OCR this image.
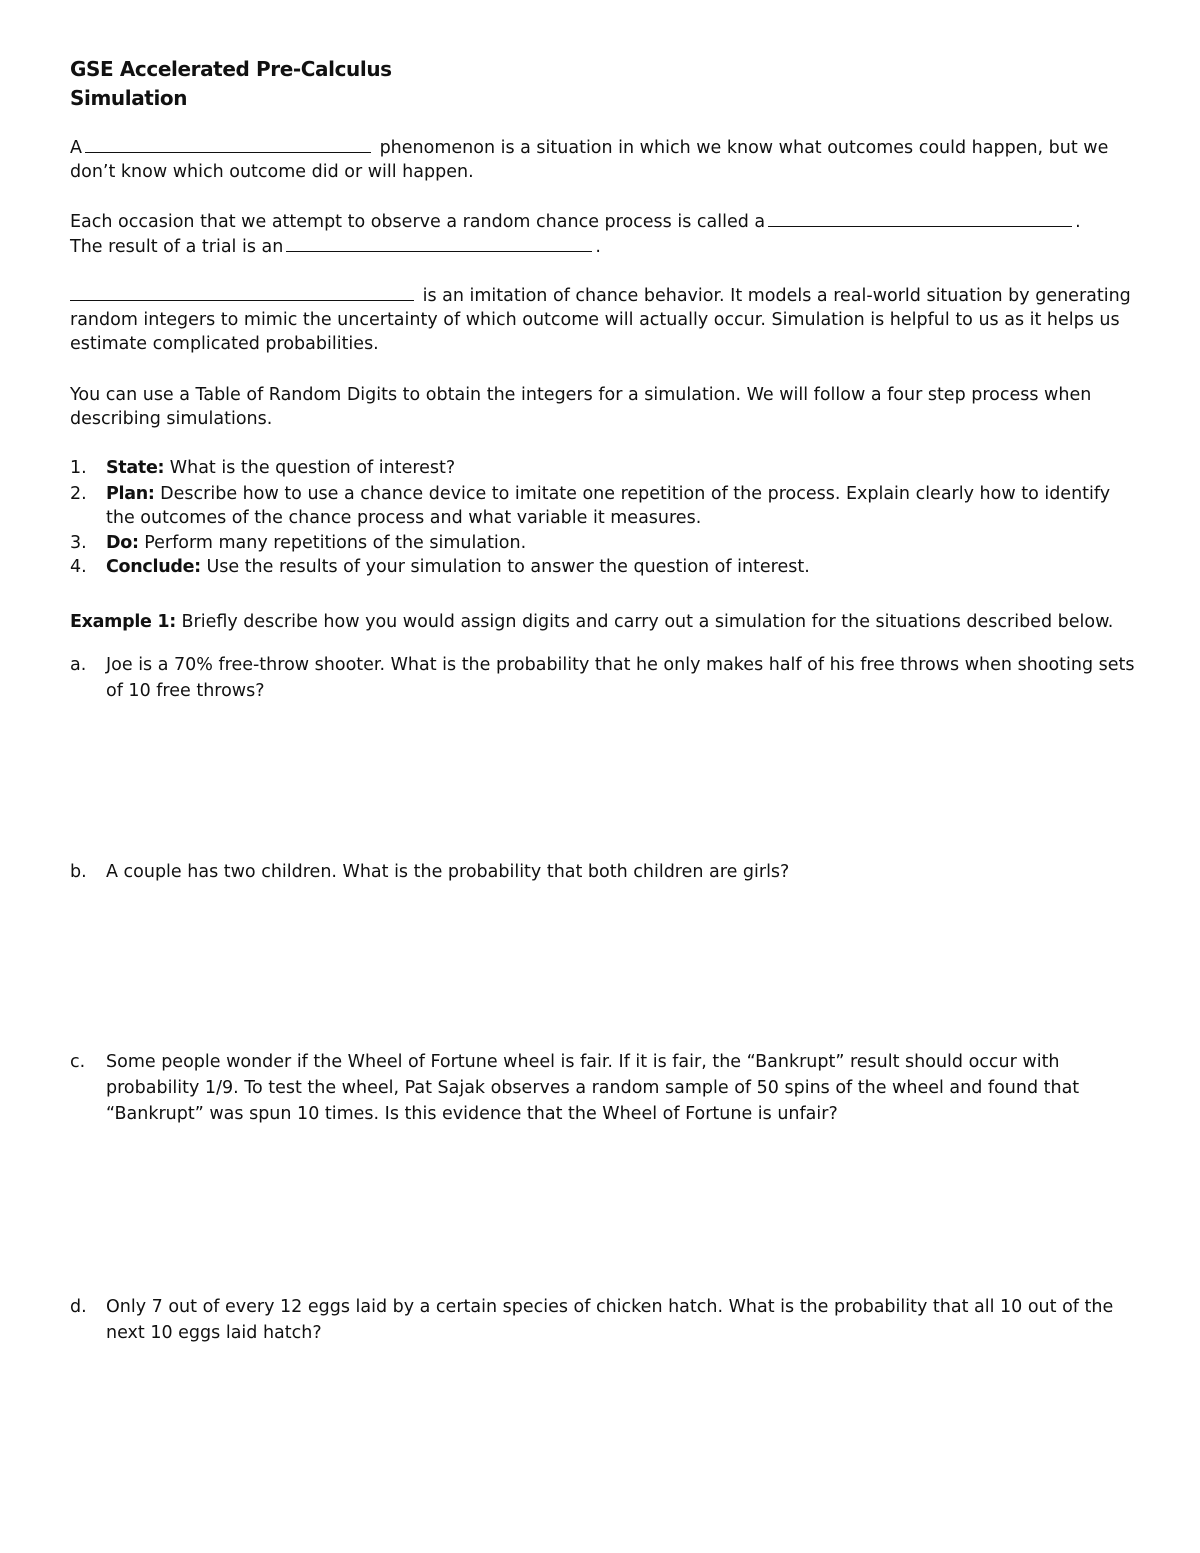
GSE Accelerated Pre-Calculus
Simulation
A	phenomenon is a situation in which we know what outcomes could happen, but we don’t know which outcome did or will happen.
Each occasion that we attempt to observe a random chance process is called a	.
The result of a trial is an	.
is an imitation of chance behavior. It models a real-world situation by generating random integers to mimic the uncertainty of which outcome will actually occur. Simulation is helpful to us as it helps us estimate complicated probabilities.
You can use a Table of Random Digits to obtain the integers for a simulation. We will follow a four step process when describing simulations.
1. State: What is the question of interest?
2. Plan: Describe how to use a chance device to imitate one repetition of the process. Explain clearly how to identify the outcomes of the chance process and what variable it measures.
3. Do: Perform many repetitions of the simulation.
4. Conclude: Use the results of your simulation to answer the question of interest.
Example 1: Briefly describe how you would assign digits and carry out a simulation for the situations described below.
a. Joe is a 70% free-throw shooter. What is the probability that he only makes half of his free throws when shooting sets of 10 free throws?
b. A couple has two children. What is the probability that both children are girls?
c. Some people wonder if the Wheel of Fortune wheel is fair. If it is fair, the “Bankrupt” result should occur with probability 1/9. To test the wheel, Pat Sajak observes a random sample of 50 spins of the wheel and found that “Bankrupt” was spun 10 times. Is this evidence that the Wheel of Fortune is unfair?
d. Only 7 out of every 12 eggs laid by a certain species of chicken hatch. What is the probability that all 10 out of the next 10 eggs laid hatch?
